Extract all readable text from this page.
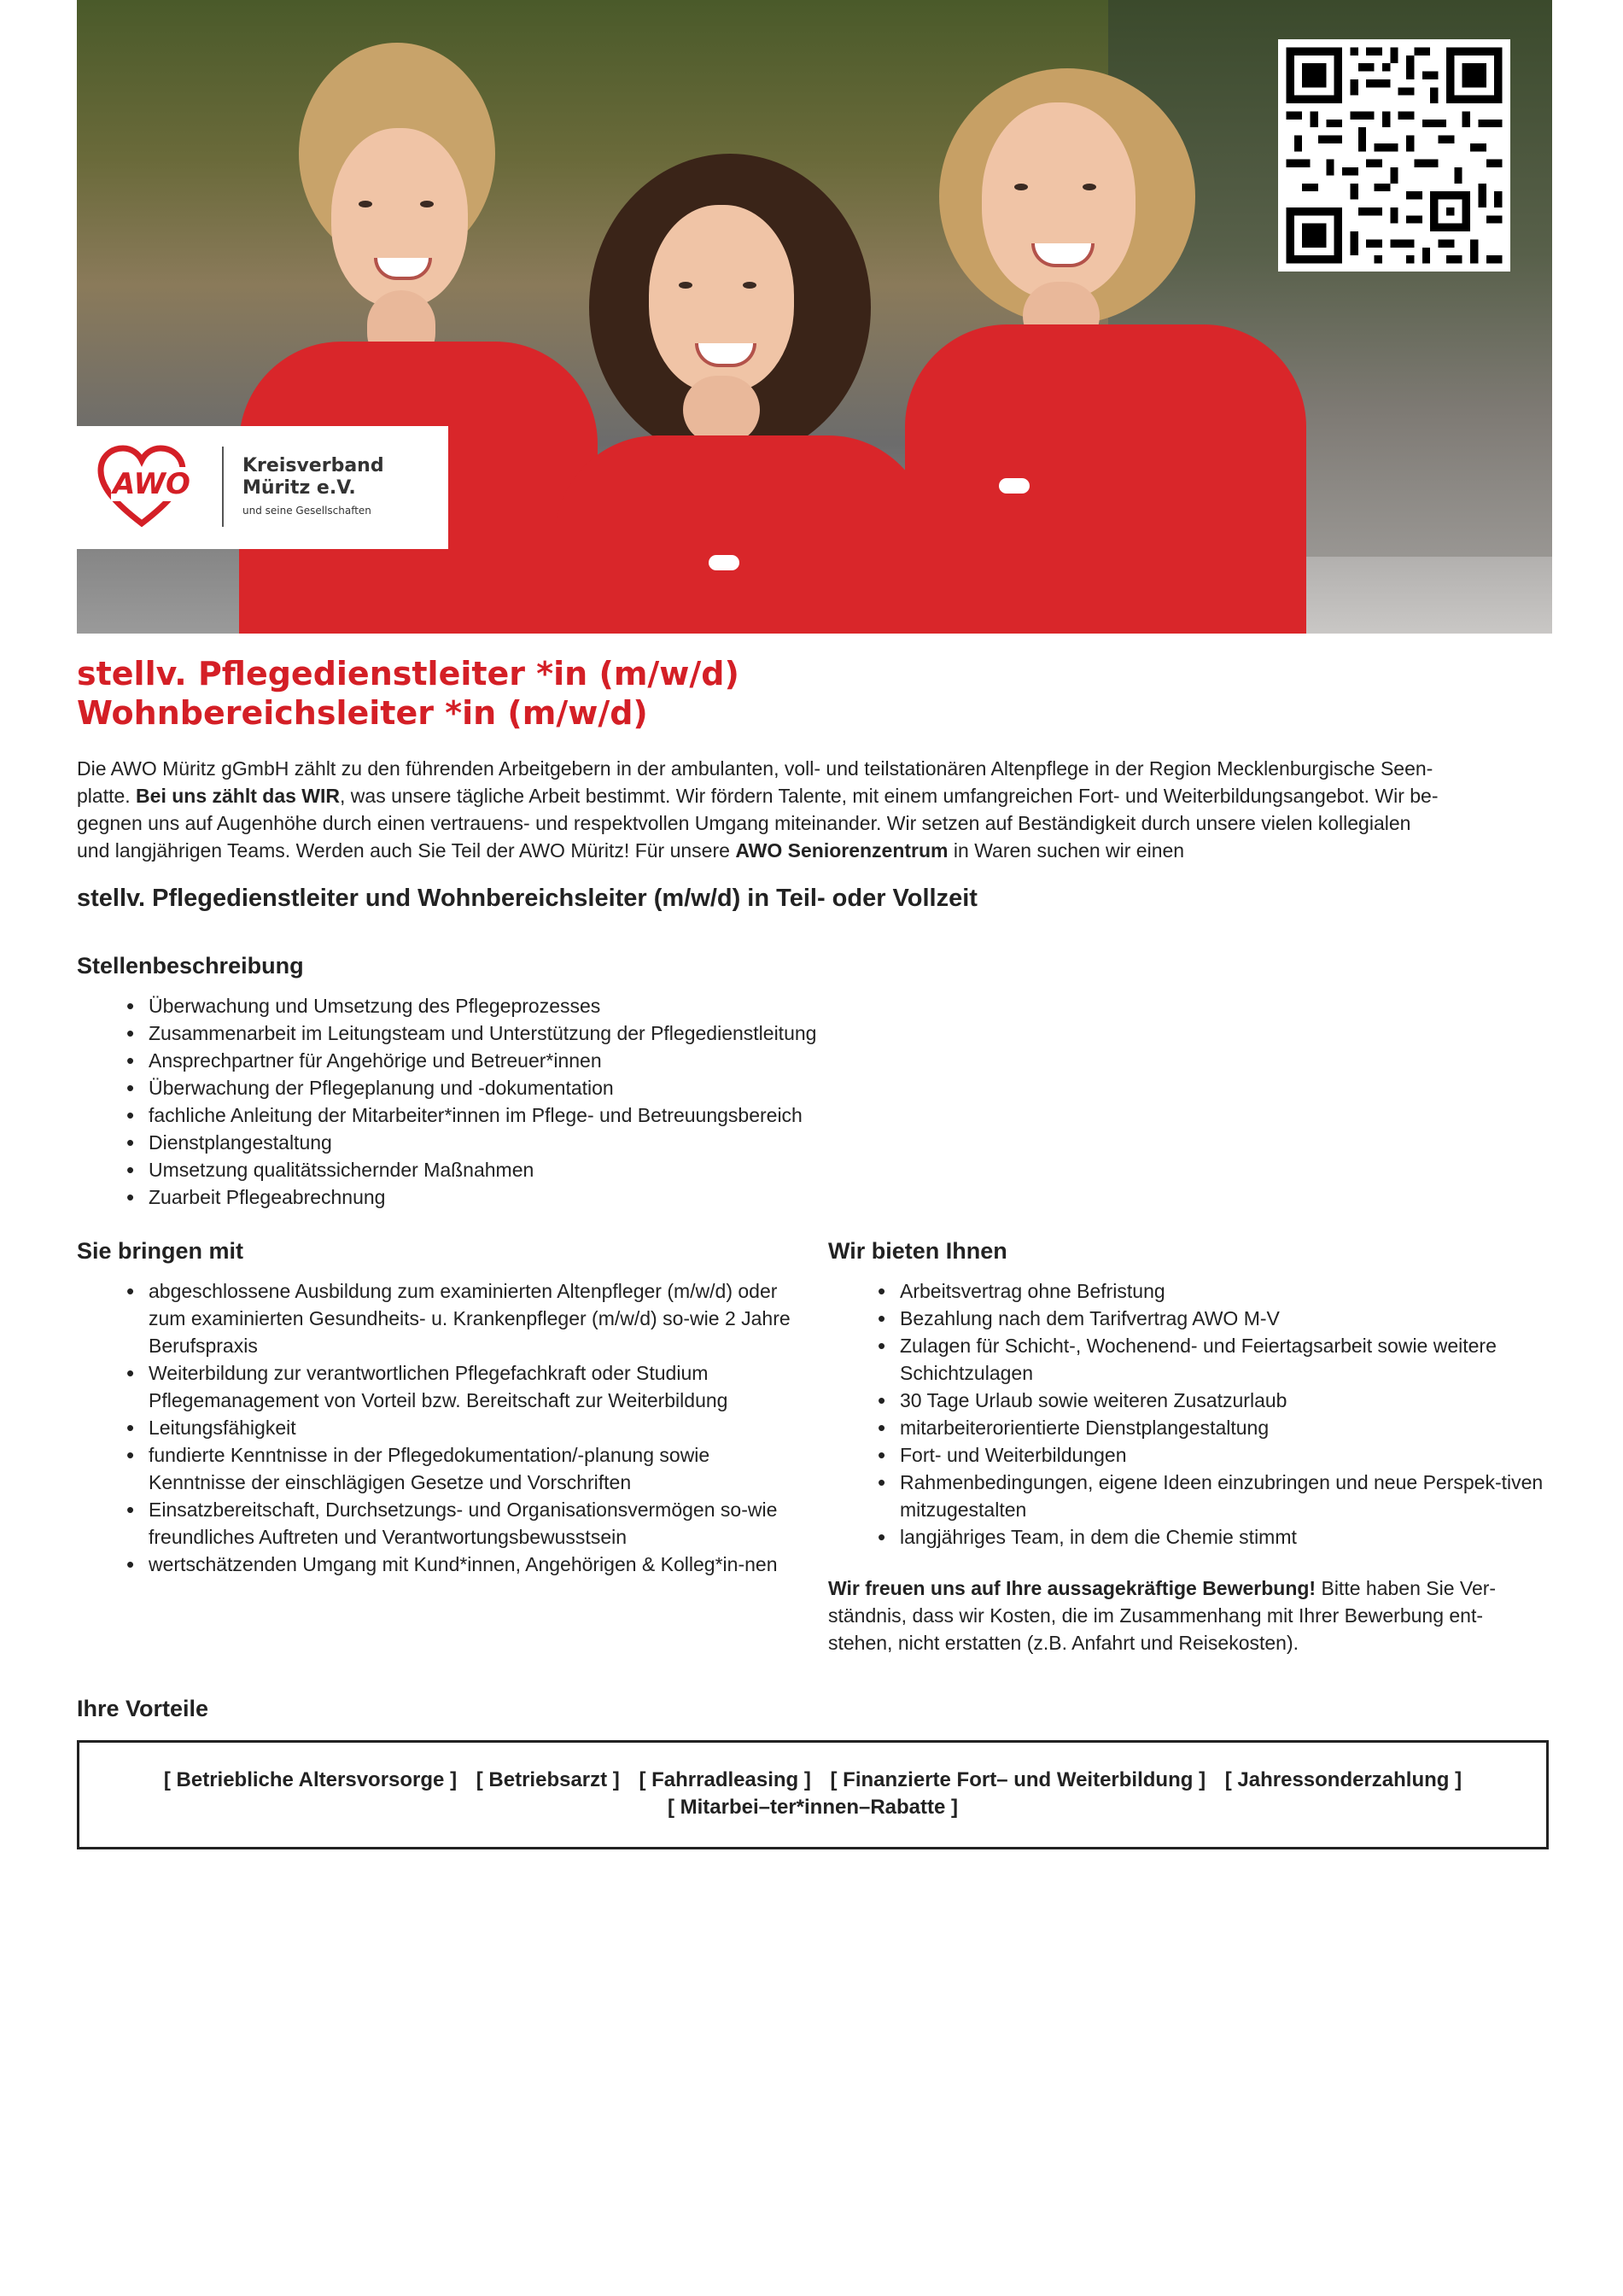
AWO
Kreisverband
Müritz e.V.
und seine Gesellschaften
stellv. Pflegedienstleiter *in (m/w/d)
Wohnbereichsleiter *in (m/w/d)
Die AWO Müritz gGmbH zählt zu den führenden Arbeitgebern in der ambulanten, voll- und teilstationären Altenpflege in der Region Mecklenburgische Seen-
platte. Bei uns zählt das WIR, was unsere tägliche Arbeit bestimmt. Wir fördern Talente, mit einem umfangreichen Fort- und Weiterbildungsangebot. Wir be-
gegnen uns auf Augenhöhe durch einen vertrauens- und respektvollen Umgang miteinander. Wir setzen auf Beständigkeit durch unsere vielen kollegialen
und langjährigen Teams. Werden auch Sie Teil der AWO Müritz! Für unsere AWO Seniorenzentrum in Waren suchen wir einen
stellv. Pflegedienstleiter und Wohnbereichsleiter (m/w/d) in Teil- oder Vollzeit
Stellenbeschreibung
• Überwachung und Umsetzung des Pflegeprozesses
• Zusammenarbeit im Leitungsteam und Unterstützung der Pflegedienstleitung
• Ansprechpartner für Angehörige und Betreuer*innen
• Überwachung der Pflegeplanung und -dokumentation
• fachliche Anleitung der Mitarbeiter*innen im Pflege- und Betreuungsbereich
• Dienstplangestaltung
• Umsetzung qualitätssichernder Maßnahmen
• Zuarbeit Pflegeabrechnung
Sie bringen mit
• abgeschlossene Ausbildung zum examinierten Altenpfleger (m/w/d) oder zum examinierten Gesundheits- u. Krankenpfleger (m/w/d) so-wie 2 Jahre Berufspraxis
• Weiterbildung zur verantwortlichen Pflegefachkraft oder Studium Pflegemanagement von Vorteil bzw. Bereitschaft zur Weiterbildung
• Leitungsfähigkeit
• fundierte Kenntnisse in der Pflegedokumentation/-planung sowie Kenntnisse der einschlägigen Gesetze und Vorschriften
• Einsatzbereitschaft, Durchsetzungs- und Organisationsvermögen so-wie freundliches Auftreten und Verantwortungsbewusstsein
• wertschätzenden Umgang mit Kund*innen, Angehörigen & Kolleg*in-nen
Wir bieten Ihnen
• Arbeitsvertrag ohne Befristung
• Bezahlung nach dem Tarifvertrag AWO M-V
• Zulagen für Schicht-, Wochenend- und Feiertagsarbeit sowie weitere Schichtzulagen
• 30 Tage Urlaub sowie weiteren Zusatzurlaub
• mitarbeiterorientierte Dienstplangestaltung
• Fort- und Weiterbildungen
• Rahmenbedingungen, eigene Ideen einzubringen und neue Perspek-tiven mitzugestalten
• langjähriges Team, in dem die Chemie stimmt
Wir freuen uns auf Ihre aussagekräftige Bewerbung! Bitte haben Sie Ver-ständnis, dass wir Kosten, die im Zusammenhang mit Ihrer Bewerbung ent-stehen, nicht erstatten (z.B. Anfahrt und Reisekosten).
Ihre Vorteile
[ Betriebliche Altersvorsorge ] [ Betriebsarzt ] [ Fahrradleasing ] [ Finanzierte Fort– und Weiterbildung ] [ Jahressonderzahlung ] [ Mitarbei–ter*innen–Rabatte ]
